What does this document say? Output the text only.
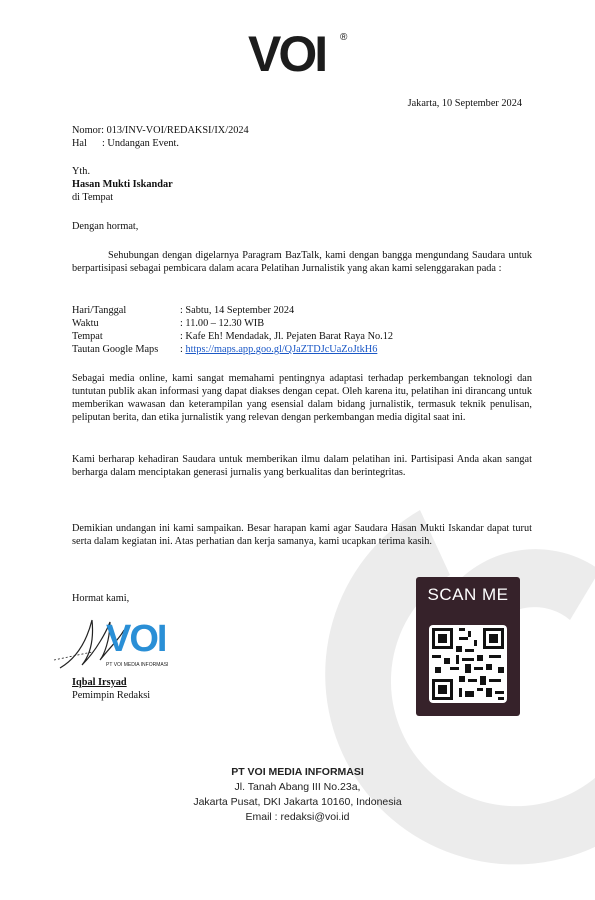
VOI ®
Jakarta, 10 September 2024
Nomor: 013/INV-VOI/REDAKSI/IX/2024
Hal : Undangan Event.
Yth.
Hasan Mukti Iskandar
di Tempat
Dengan hormat,
Sehubungan dengan digelarnya Paragram BazTalk, kami dengan bangga mengundang Saudara untuk berpartisipasi sebagai pembicara dalam acara Pelatihan Jurnalistik yang akan kami selenggarakan pada :
Hari/Tanggal	: Sabtu, 14 September 2024
Waktu	: 11.00 – 12.30 WIB
Tempat	: Kafe Eh! Mendadak, Jl. Pejaten Barat Raya No.12
Tautan Google Maps : https://maps.app.goo.gl/QJaZTDJcUaZoJtkH6
Sebagai media online, kami sangat memahami pentingnya adaptasi terhadap perkembangan teknologi dan tuntutan publik akan informasi yang dapat diakses dengan cepat. Oleh karena itu, pelatihan ini dirancang untuk memberikan wawasan dan keterampilan yang esensial dalam bidang jurnalistik, termasuk teknik penulisan, peliputan berita, dan etika jurnalistik yang relevan dengan perkembangan media digital saat ini.
Kami berharap kehadiran Saudara untuk memberikan ilmu dalam pelatihan ini. Partisipasi Anda akan sangat berharga dalam menciptakan generasi jurnalis yang berkualitas dan berintegritas.
Demikian undangan ini kami sampaikan. Besar harapan kami agar Saudara Hasan Mukti Iskandar dapat turut serta dalam kegiatan ini. Atas perhatian dan kerja samanya, kami ucapkan terima kasih.
Hormat kami,
VOI
PT VOI MEDIA INFORMASI
Iqbal Irsyad
Pemimpin Redaksi
SCAN ME
PT VOI MEDIA INFORMASI
Jl. Tanah Abang III No.23a,
Jakarta Pusat, DKI Jakarta 10160, Indonesia
Email : redaksi@voi.id
